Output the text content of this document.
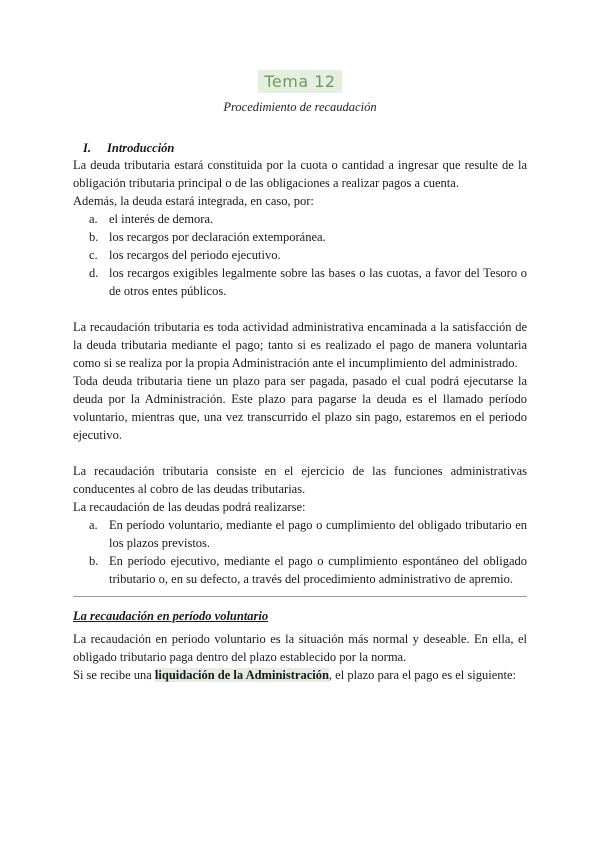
Tema 12
Procedimiento de recaudación
I.	Introducción

La deuda tributaria estará constituida por la cuota o cantidad a ingresar que resulte de la obligación tributaria principal o de las obligaciones a realizar pagos a cuenta.

Además, la deuda estará integrada, en caso, por:

a. el interés de demora.
b. los recargos por declaración extemporánea.
c. los recargos del periodo ejecutivo.
d. los recargos exigibles legalmente sobre las bases o las cuotas, a favor del Tesoro o de otros entes públicos.

La recaudación tributaria es toda actividad administrativa encaminada a la satisfacción de la deuda tributaria mediante el pago; tanto si es realizado el pago de manera voluntaria como si se realiza por la propia Administración ante el incumplimiento del administrado.

Toda deuda tributaria tiene un plazo para ser pagada, pasado el cual podrá ejecutarse la deuda por la Administración. Este plazo para pagarse la deuda es el llamado período voluntario, mientras que, una vez transcurrido el plazo sin pago, estaremos en el periodo ejecutivo.

La recaudación tributaria consiste en el ejercicio de las funciones administrativas conducentes al cobro de las deudas tributarias.

La recaudación de las deudas podrá realizarse:

a. En período voluntario, mediante el pago o cumplimiento del obligado tributario en los plazos previstos.
b. En período ejecutivo, mediante el pago o cumplimiento espontáneo del obligado tributario o, en su defecto, a través del procedimiento administrativo de apremio.
La recaudación en período voluntario

La recaudación en periodo voluntario es la situación más normal y deseable. En ella, el obligado tributario paga dentro del plazo establecido por la norma.

Si se recibe una liquidación de la Administración, el plazo para el pago es el siguiente:
